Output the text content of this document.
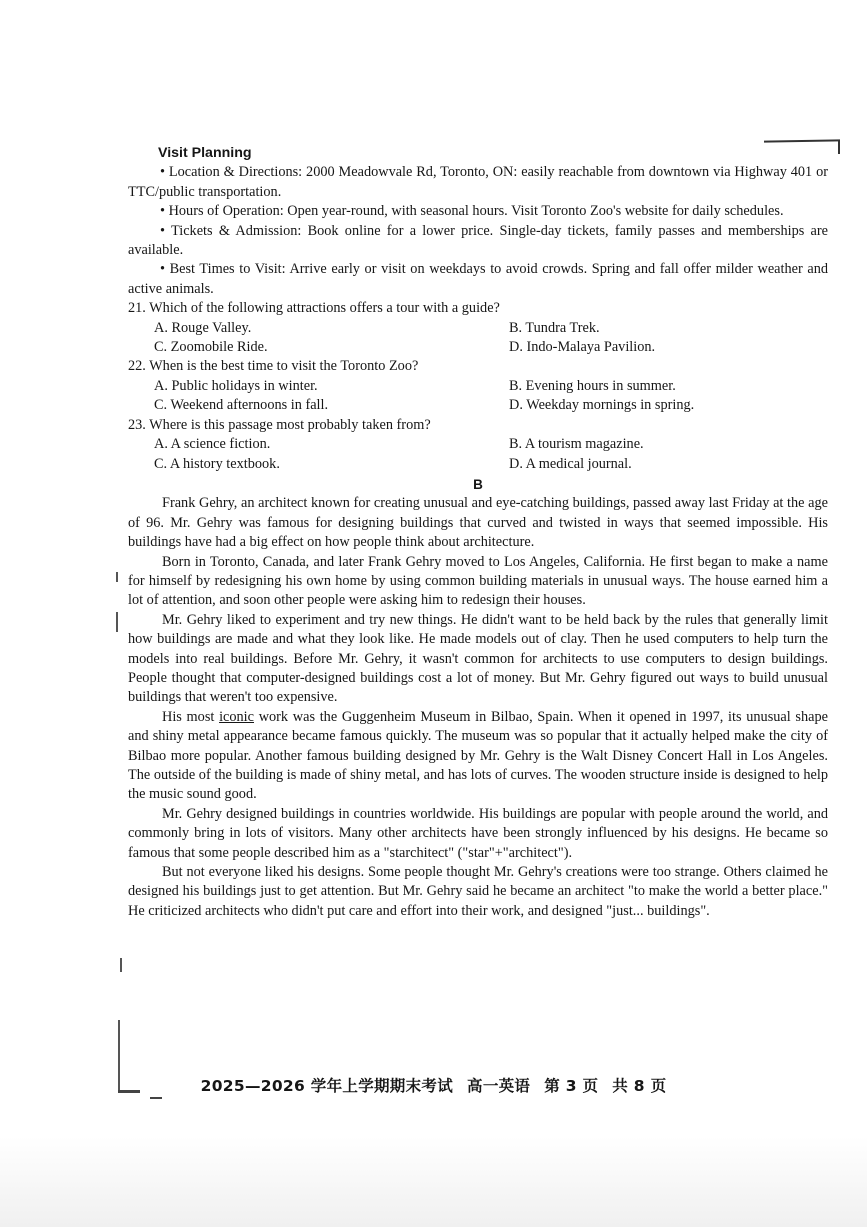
Visit Planning

• Location & Directions: 2000 Meadowvale Rd, Toronto, ON: easily reachable from downtown via Highway 401 or TTC/public transportation.

• Hours of Operation: Open year-round, with seasonal hours. Visit Toronto Zoo's website for daily schedules.

• Tickets & Admission: Book online for a lower price. Single-day tickets, family passes and memberships are available.

• Best Times to Visit: Arrive early or visit on weekdays to avoid crowds. Spring and fall offer milder weather and active animals.

21. Which of the following attractions offers a tour with a guide?

A. Rouge Valley.	B. Tundra Trek.
C. Zoomobile Ride.	D. Indo-Malaya Pavilion.

22. When is the best time to visit the Toronto Zoo?

A. Public holidays in winter.	B. Evening hours in summer.
C. Weekend afternoons in fall.	D. Weekday mornings in spring.

23. Where is this passage most probably taken from?

A. A science fiction.	B. A tourism magazine.
C. A history textbook.	D. A medical journal.
B

Frank Gehry, an architect known for creating unusual and eye-catching buildings, passed away last Friday at the age of 96. Mr. Gehry was famous for designing buildings that curved and twisted in ways that seemed impossible. His buildings have had a big effect on how people think about architecture.

Born in Toronto, Canada, and later Frank Gehry moved to Los Angeles, California. He first began to make a name for himself by redesigning his own home by using common building materials in unusual ways. The house earned him a lot of attention, and soon other people were asking him to redesign their houses.

Mr. Gehry liked to experiment and try new things. He didn't want to be held back by the rules that generally limit how buildings are made and what they look like. He made models out of clay. Then he used computers to help turn the models into real buildings. Before Mr. Gehry, it wasn't common for architects to use computers to design buildings. People thought that computer-designed buildings cost a lot of money. But Mr. Gehry figured out ways to build unusual buildings that weren't too expensive.

His most iconic work was the Guggenheim Museum in Bilbao, Spain. When it opened in 1997, its unusual shape and shiny metal appearance became famous quickly. The museum was so popular that it actually helped make the city of Bilbao more popular. Another famous building designed by Mr. Gehry is the Walt Disney Concert Hall in Los Angeles. The outside of the building is made of shiny metal, and has lots of curves. The wooden structure inside is designed to help the music sound good.

Mr. Gehry designed buildings in countries worldwide. His buildings are popular with people around the world, and commonly bring in lots of visitors. Many other architects have been strongly influenced by his designs. He became so famous that some people described him as a "starchitect" ("star"+"architect").

But not everyone liked his designs. Some people thought Mr. Gehry's creations were too strange. Others claimed he designed his buildings just to get attention. But Mr. Gehry said he became an architect "to make the world a better place." He criticized architects who didn't put care and effort into their work, and designed "just... buildings".

2025—2026 学年上学期期末考试 高一英语 第 3 页 共 8 页
